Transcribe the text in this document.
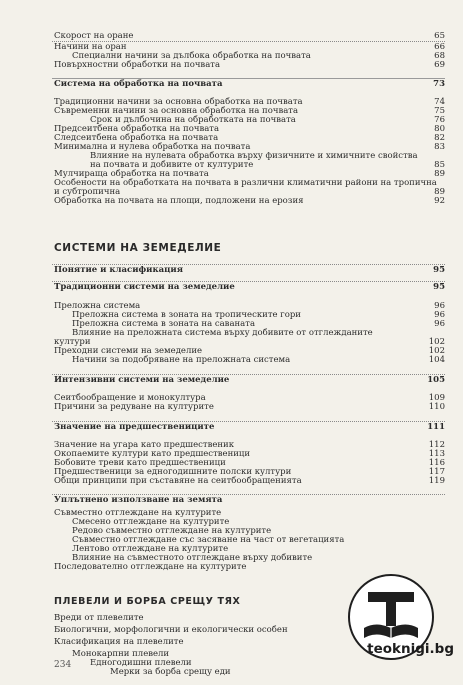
Скорост на оране	65
Начини на оран	66
Специални начини за дълбока обработка на почвата	68
Повърхностни обработки на почвата	69
Система на обработка на почвата	73
Традиционни начини за основна обработка на почвата	74
Съвременни начини за основна обработка на почвата	75
Срок и дълбочина на обработката на почвата	76
Предсеитбена обработка на почвата	80
Следсеитбена обработка на почвата	82
Минимална и нулева обработка на почвата	83
Влияние на нулевата обработка върху физичните и химичните свойства
на почвата и добивите от културите	85
Мулчираща обработка на почвата	89
Особености на обработката на почвата в различни климатични райони на тропична
и субтропична	89
Обработка на почвата на площи, подложени на ерозия	92
СИСТЕМИ НА ЗЕМЕДЕЛИЕ
Понятие и класификация	95
Традиционни системи на земеделие	95
Преложна система	96
Преложна система в зоната на тропическите гори	96
Преложна система в зоната на саваната	96
Влияние на преложната система върху добивите от отглежданите
култури	102
Преходни системи на земеделие	102
Начини за подобряване на преложната система	104
Интензивни системи на земеделие	105
Сеитбообращение и монокултура	109
Причини за редуване на културите	110
Значение на предшествениците	111
Значение на угара като предшественик	112
Окопаемите култури като предшественици	113
Бобовите треви като предшественици	116
Предшественици за едногодишните полски култури	117
Общи принципи при съставяне на сеитбообращенията	119
Уплътнено използване на земята
Съвместно отглеждане на културите
Смесено отглеждане на културите
Редово съвместно отглеждане на културите
Съвместно отглеждане със засяване на част от вегетацията
Лентово отглеждане на културите
Влияние на съвместното отглеждане върху добивите
Последователно отглеждане на културите
ПЛЕВЕЛИ И БОРБА СРЕЩУ ТЯХ
Вреди от плевелите
Биологични, морфологични и екологически особен
Класификация на плевелите
Монокарпни плевели
Едногодишни плевели
Мерки за борба срещу еди
234
teoknigi.bg
